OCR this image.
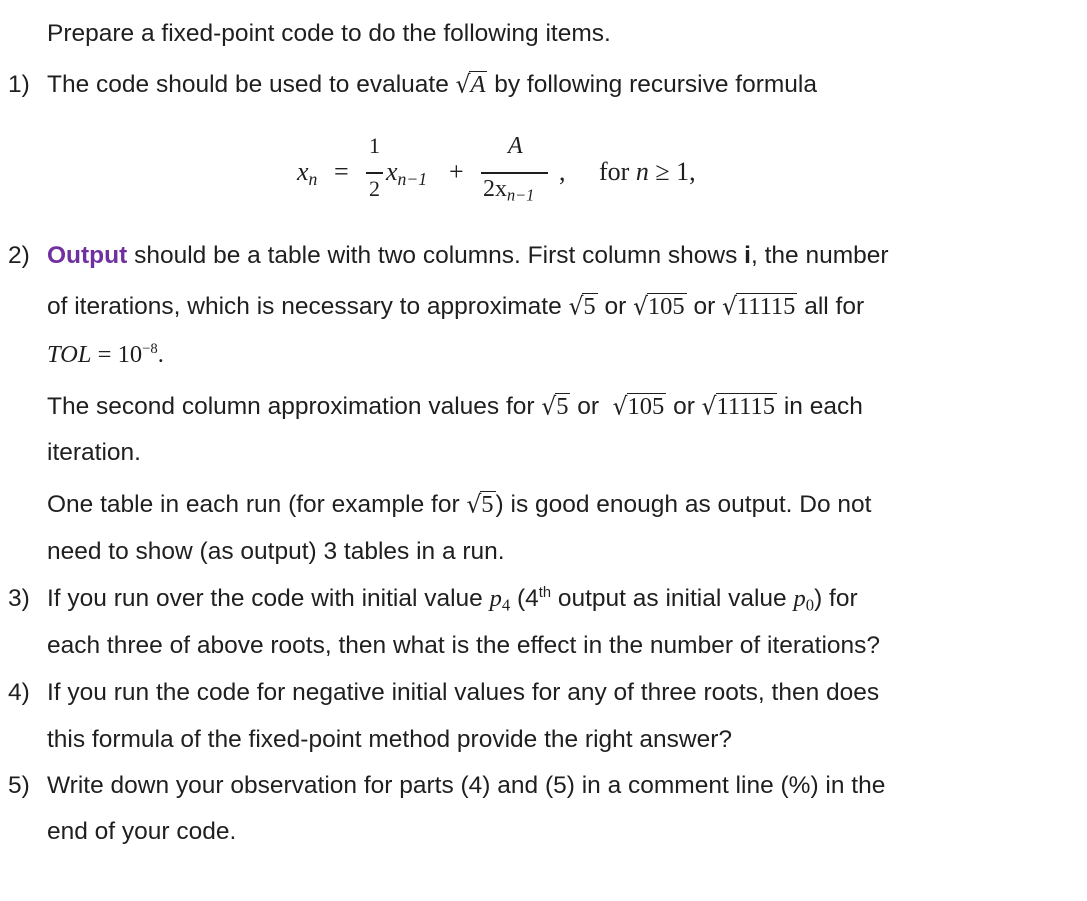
Prepare a fixed-point code to do the following items.
1) The code should be used to evaluate √A by following recursive formula
$x_n$ =
1
2
$x_{n-1}$ +
A
$2x_{n-1}$
, for n ≥ 1,
2) Output should be a table with two columns. First column shows i, the number
of iterations, which is necessary to approximate √5 or √105 or √11115 all for
TOL = $10^{-8}$.
The second column approximation values for √5 or √105 or √11115 in each
iteration.
One table in each run (for example for √5) is good enough as output. Do not
need to show (as output) 3 tables in a run.
3) If you run over the code with initial value $p_4$ (4th output as initial value $p_0$) for
each three of above roots, then what is the effect in the number of iterations?
4) If you run the code for negative initial values for any of three roots, then does
this formula of the fixed-point method provide the right answer?
5) Write down your observation for parts (4) and (5) in a comment line (%) in the
end of your code.
